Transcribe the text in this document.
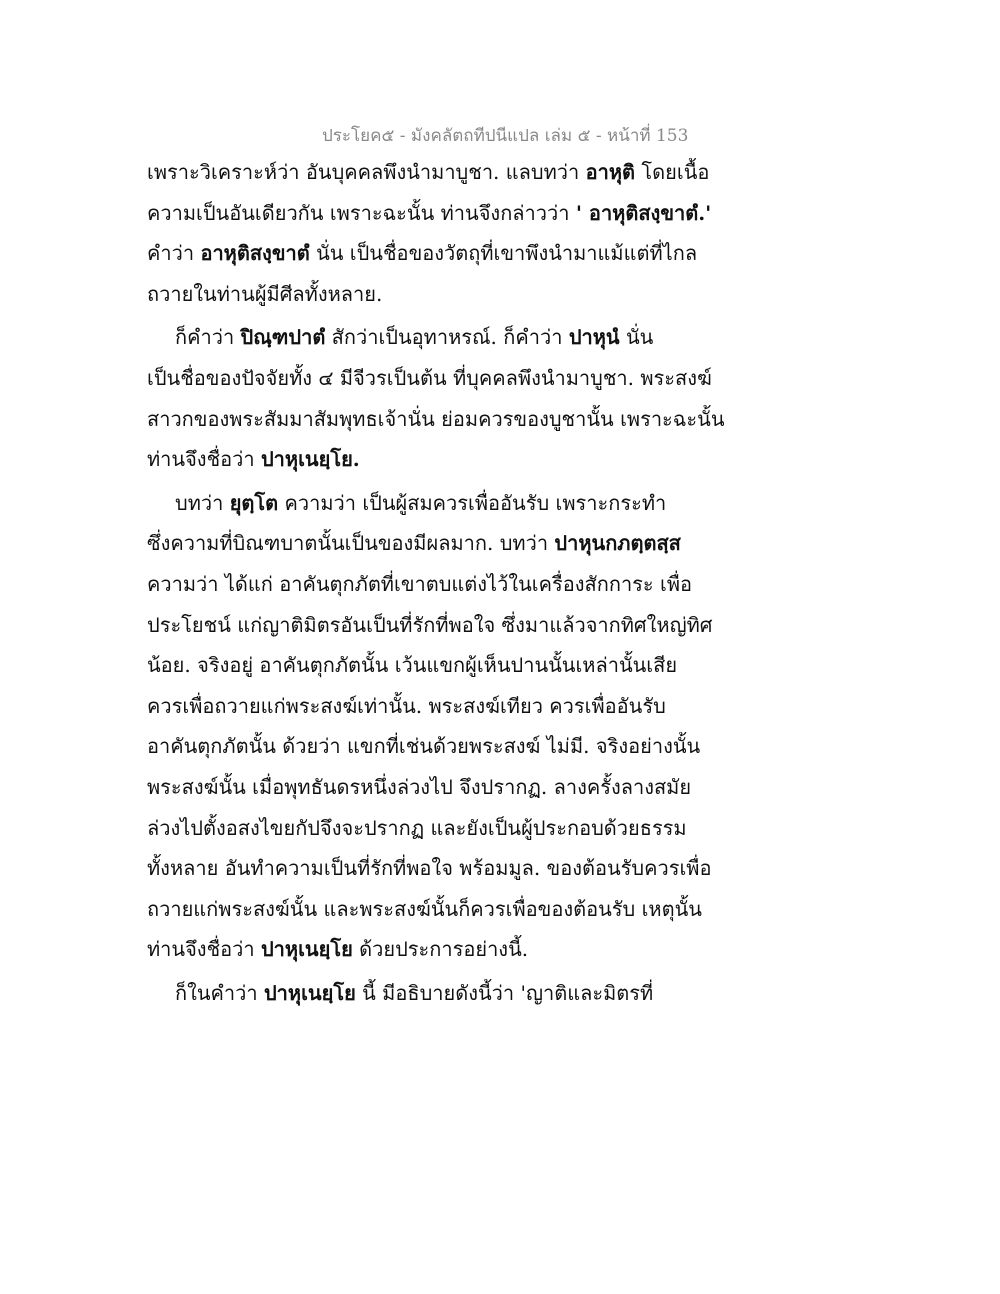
ประโยค๕ - มังคลัตถทีปนีแปล เล่ม ๕ - หน้าที่ 153
เพราะวิเคราะห์ว่า อันบุคคลพึงนำมาบูชา. แลบทว่า อาหุติ โดยเนื้อ
ความเป็นอันเดียวกัน เพราะฉะนั้น ท่านจึงกล่าวว่า ' อาหุติสงฺขาตํ.'
คำว่า อาหุติสงฺขาตํ นั่น เป็นชื่อของวัตถุที่เขาพึงนำมาแม้แต่ที่ไกล
ถวายในท่านผู้มีศีลทั้งหลาย.
ก็คำว่า ปิณฺฑปาตํ สักว่าเป็นอุทาหรณ์. ก็คำว่า ปาหุนํ นั่น
เป็นชื่อของปัจจัยทั้ง ๔ มีจีวรเป็นต้น ที่บุคคลพึงนำมาบูชา. พระสงฆ์
สาวกของพระสัมมาสัมพุทธเจ้านั่น ย่อมควรของบูชานั้น เพราะฉะนั้น
ท่านจึงชื่อว่า ปาหุเนยฺโย.
บทว่า ยุตฺโต ความว่า เป็นผู้สมควรเพื่ออันรับ เพราะกระทำ
ซึ่งความที่บิณฑบาตนั้นเป็นของมีผลมาก. บทว่า ปาหุนกภตฺตสฺส
ความว่า ได้แก่ อาคันตุกภัตที่เขาตบแต่งไว้ในเครื่องสักการะ เพื่อ
ประโยชน์ แก่ญาติมิตรอันเป็นที่รักที่พอใจ ซึ่งมาแล้วจากทิศใหญ่ทิศ
น้อย. จริงอยู่ อาคันตุกภัตนั้น เว้นแขกผู้เห็นปานนั้นเหล่านั้นเสีย
ควรเพื่อถวายแก่พระสงฆ์เท่านั้น. พระสงฆ์เทียว ควรเพื่ออันรับ
อาคันตุกภัตนั้น ด้วยว่า แขกที่เช่นด้วยพระสงฆ์ ไม่มี. จริงอย่างนั้น
พระสงฆ์นั้น เมื่อพุทธันดรหนึ่งล่วงไป จึงปรากฏ. ลางครั้งลางสมัย
ล่วงไปตั้งอสงไขยกัปจึงจะปรากฏ และยังเป็นผู้ประกอบด้วยธรรม
ทั้งหลาย อันทำความเป็นที่รักที่พอใจ พร้อมมูล. ของต้อนรับควรเพื่อ
ถวายแก่พระสงฆ์นั้น และพระสงฆ์นั้นก็ควรเพื่อของต้อนรับ เหตุนั้น
ท่านจึงชื่อว่า ปาหุเนยฺโย ด้วยประการอย่างนี้.
ก็ในคำว่า ปาหุเนยฺโย นี้ มีอธิบายดังนี้ว่า 'ญาติและมิตรที่
